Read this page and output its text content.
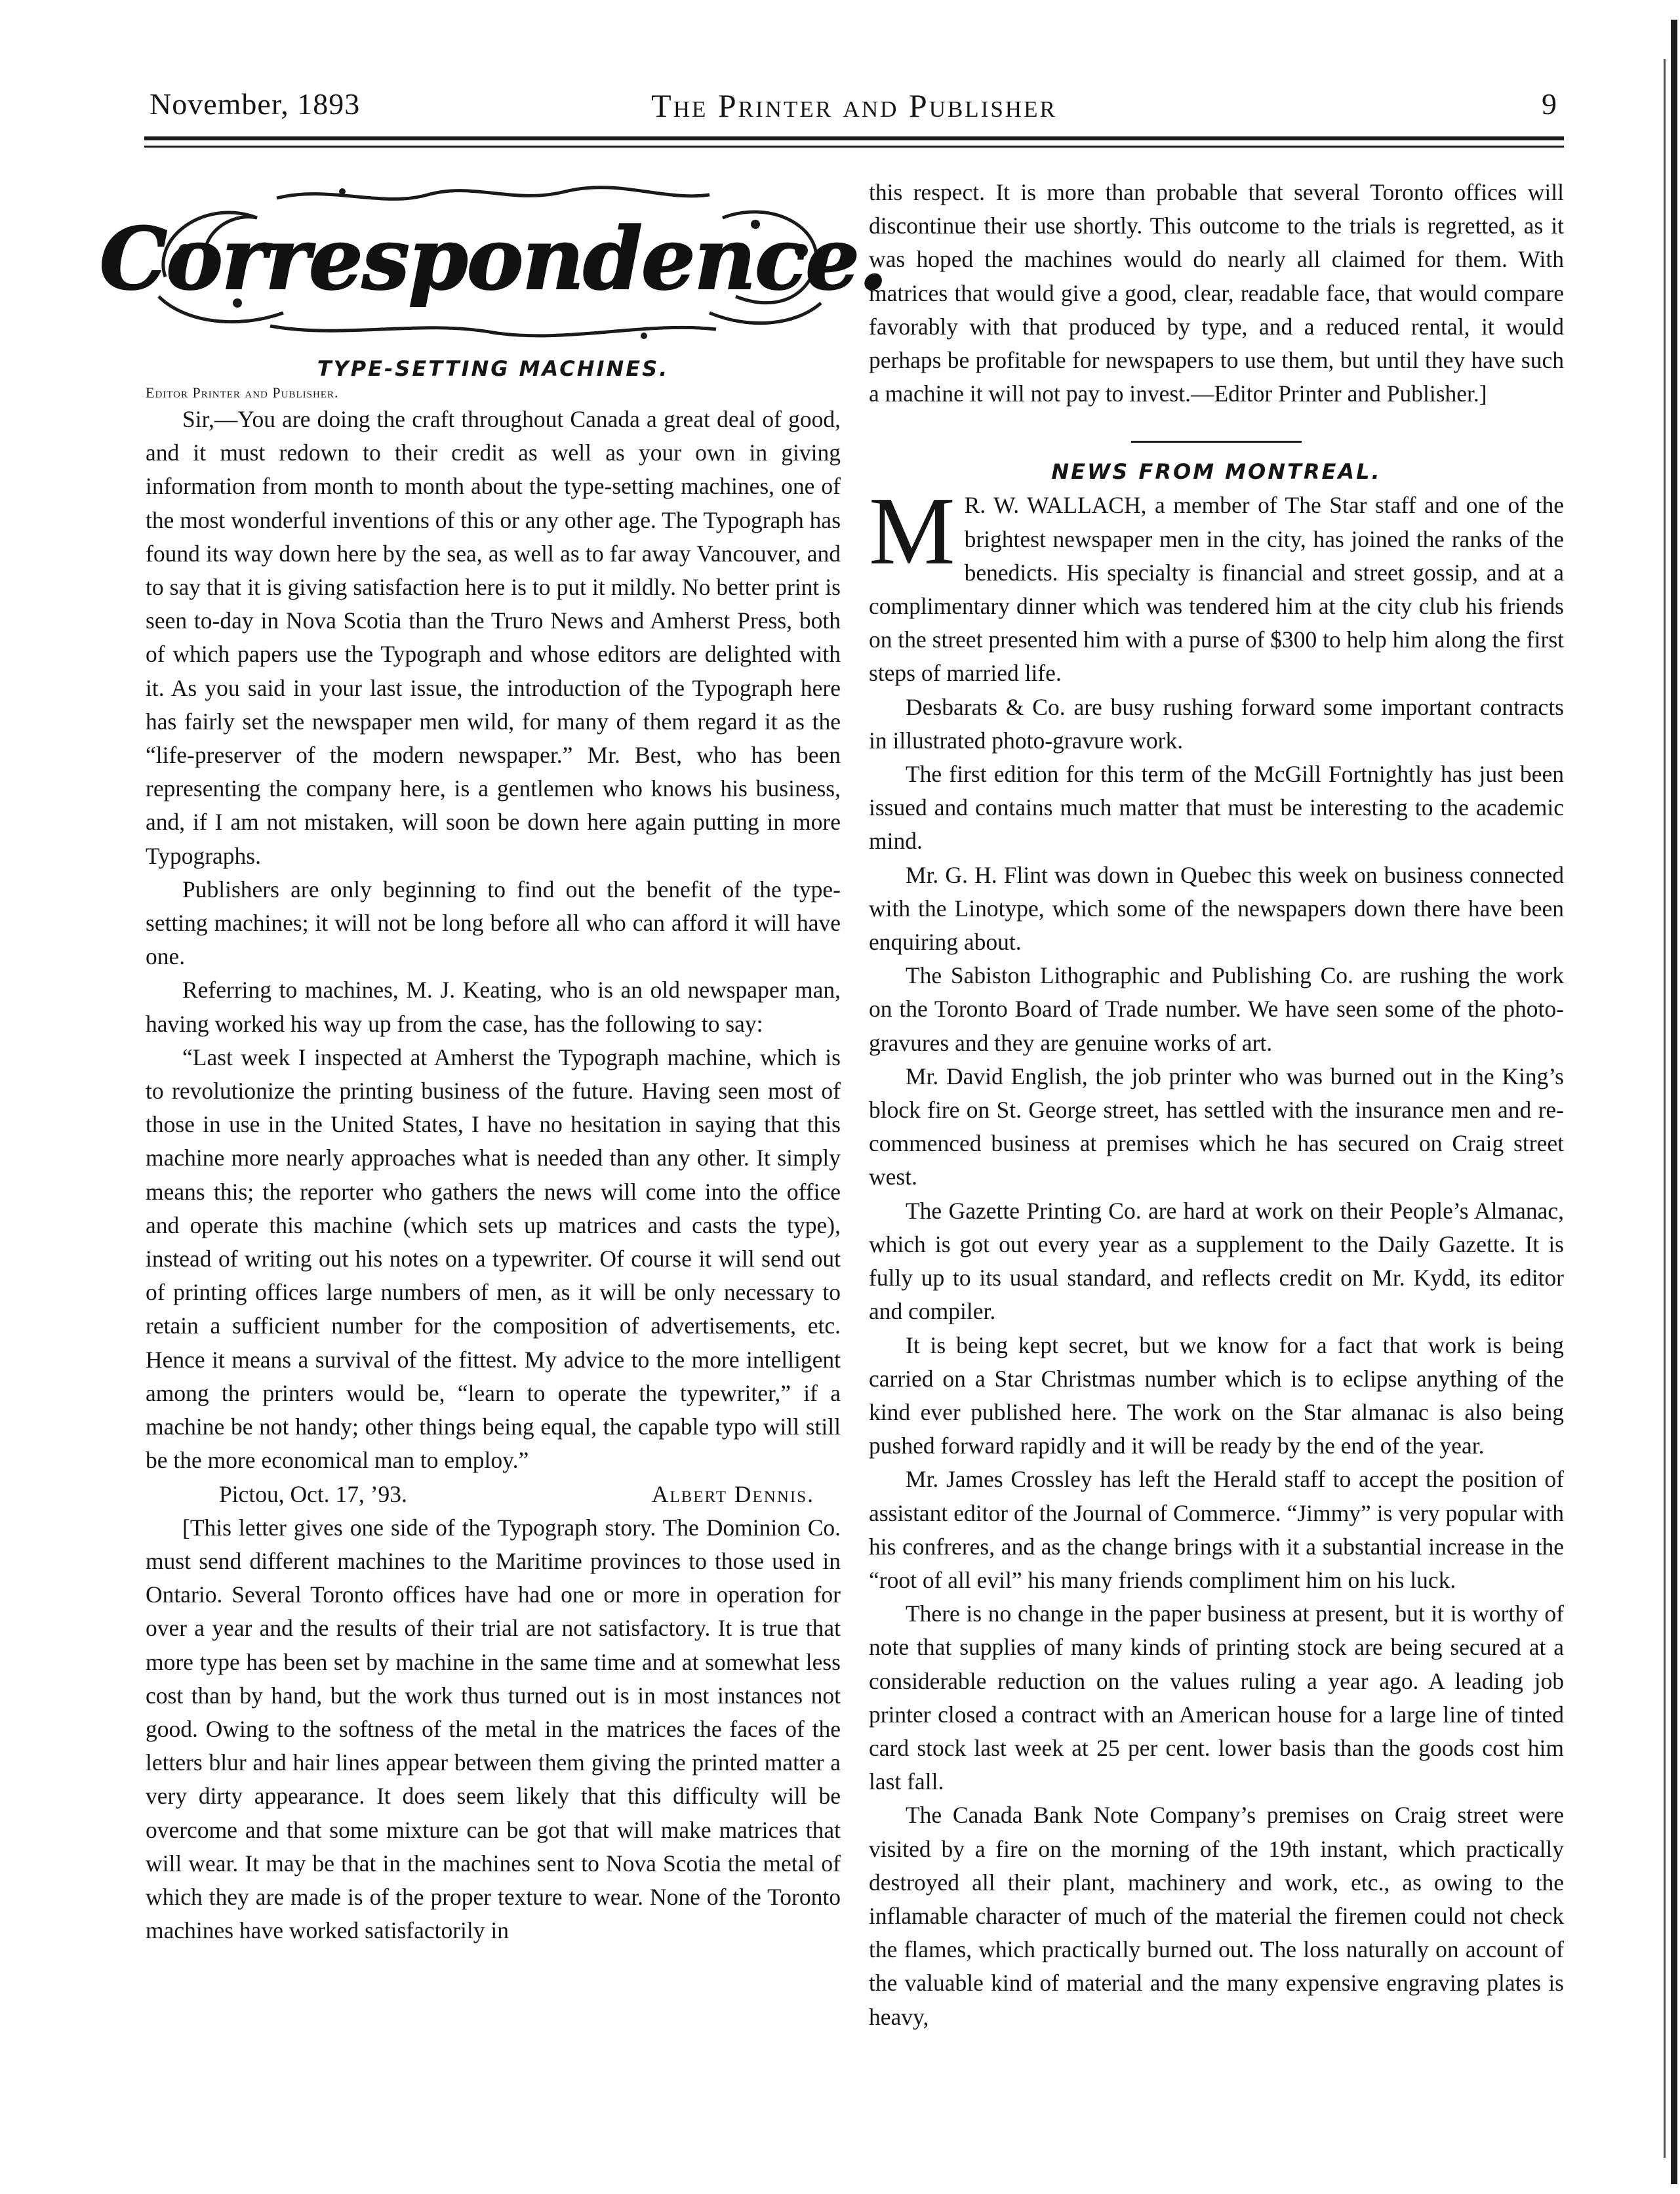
November, 1893	The Printer and Publisher	9
Correspondence.

TYPE-SETTING MACHINES.

Editor Printer and Publisher.

Sir,—You are doing the craft throughout Canada a great deal of good, and it must redown to their credit as well as your own in giving information from month to month about the type-setting machines, one of the most wonderful inventions of this or any other age. The Typograph has found its way down here by the sea, as well as to far away Vancouver, and to say that it is giving satisfaction here is to put it mildly. No better print is seen to-day in Nova Scotia than the Truro News and Amherst Press, both of which papers use the Typograph and whose editors are delighted with it. As you said in your last issue, the introduction of the Typograph here has fairly set the newspaper men wild, for many of them regard it as the “life-preserver of the modern newspaper.” Mr. Best, who has been representing the company here, is a gentlemen who knows his business, and, if I am not mistaken, will soon be down here again putting in more Typographs.

Publishers are only beginning to find out the benefit of the type-setting machines; it will not be long before all who can afford it will have one.

Referring to machines, M. J. Keating, who is an old newspaper man, having worked his way up from the case, has the following to say:

“Last week I inspected at Amherst the Typograph machine, which is to revolutionize the printing business of the future. Having seen most of those in use in the United States, I have no hesitation in saying that this machine more nearly approaches what is needed than any other. It simply means this; the reporter who gathers the news will come into the office and operate this machine (which sets up matrices and casts the type), instead of writing out his notes on a typewriter. Of course it will send out of printing offices large numbers of men, as it will be only necessary to retain a sufficient number for the composition of advertisements, etc. Hence it means a survival of the fittest. My advice to the more intelligent among the printers would be, “learn to operate the typewriter,” if a machine be not handy; other things being equal, the capable typo will still be the more economical man to employ.”

Pictou, Oct. 17, ’93.	Albert Dennis.

[This letter gives one side of the Typograph story. The Dominion Co. must send different machines to the Maritime provinces to those used in Ontario. Several Toronto offices have had one or more in operation for over a year and the results of their trial are not satisfactory. It is true that more type has been set by machine in the same time and at somewhat less cost than by hand, but the work thus turned out is in most instances not good. Owing to the softness of the metal in the matrices the faces of the letters blur and hair lines appear between them giving the printed matter a very dirty appearance. It does seem likely that this difficulty will be overcome and that some mixture can be got that will make matrices that will wear. It may be that in the machines sent to Nova Scotia the metal of which they are made is of the proper texture to wear. None of the Toronto machines have worked satisfactorily in

this respect. It is more than probable that several Toronto offices will discontinue their use shortly. This outcome to the trials is regretted, as it was hoped the machines would do nearly all claimed for them. With matrices that would give a good, clear, readable face, that would compare favorably with that produced by type, and a reduced rental, it would perhaps be profitable for newspapers to use them, but until they have such a machine it will not pay to invest.—Editor Printer and Publisher.]

NEWS FROM MONTREAL.

M R. W. WALLACH, a member of The Star staff and one of the brightest newspaper men in the city, has joined the ranks of the benedicts. His specialty is financial and street gossip, and at a complimentary dinner which was tendered him at the city club his friends on the street presented him with a purse of $300 to help him along the first steps of married life.

Desbarats & Co. are busy rushing forward some important contracts in illustrated photo-gravure work.

The first edition for this term of the McGill Fortnightly has just been issued and contains much matter that must be interesting to the academic mind.

Mr. G. H. Flint was down in Quebec this week on business connected with the Linotype, which some of the newspapers down there have been enquiring about.

The Sabiston Lithographic and Publishing Co. are rushing the work on the Toronto Board of Trade number. We have seen some of the photo-gravures and they are genuine works of art.

Mr. David English, the job printer who was burned out in the King’s block fire on St. George street, has settled with the insurance men and re-commenced business at premises which he has secured on Craig street west.

The Gazette Printing Co. are hard at work on their People’s Almanac, which is got out every year as a supplement to the Daily Gazette. It is fully up to its usual standard, and reflects credit on Mr. Kydd, its editor and compiler.

It is being kept secret, but we know for a fact that work is being carried on a Star Christmas number which is to eclipse anything of the kind ever published here. The work on the Star almanac is also being pushed forward rapidly and it will be ready by the end of the year.

Mr. James Crossley has left the Herald staff to accept the position of assistant editor of the Journal of Commerce. “Jimmy” is very popular with his confreres, and as the change brings with it a substantial increase in the “root of all evil” his many friends compliment him on his luck.

There is no change in the paper business at present, but it is worthy of note that supplies of many kinds of printing stock are being secured at a considerable reduction on the values ruling a year ago. A leading job printer closed a contract with an American house for a large line of tinted card stock last week at 25 per cent. lower basis than the goods cost him last fall.

The Canada Bank Note Company’s premises on Craig street were visited by a fire on the morning of the 19th instant, which practically destroyed all their plant, machinery and work, etc., as owing to the inflamable character of much of the material the firemen could not check the flames, which practically burned out. The loss naturally on account of the valuable kind of material and the many expensive engraving plates is heavy,
